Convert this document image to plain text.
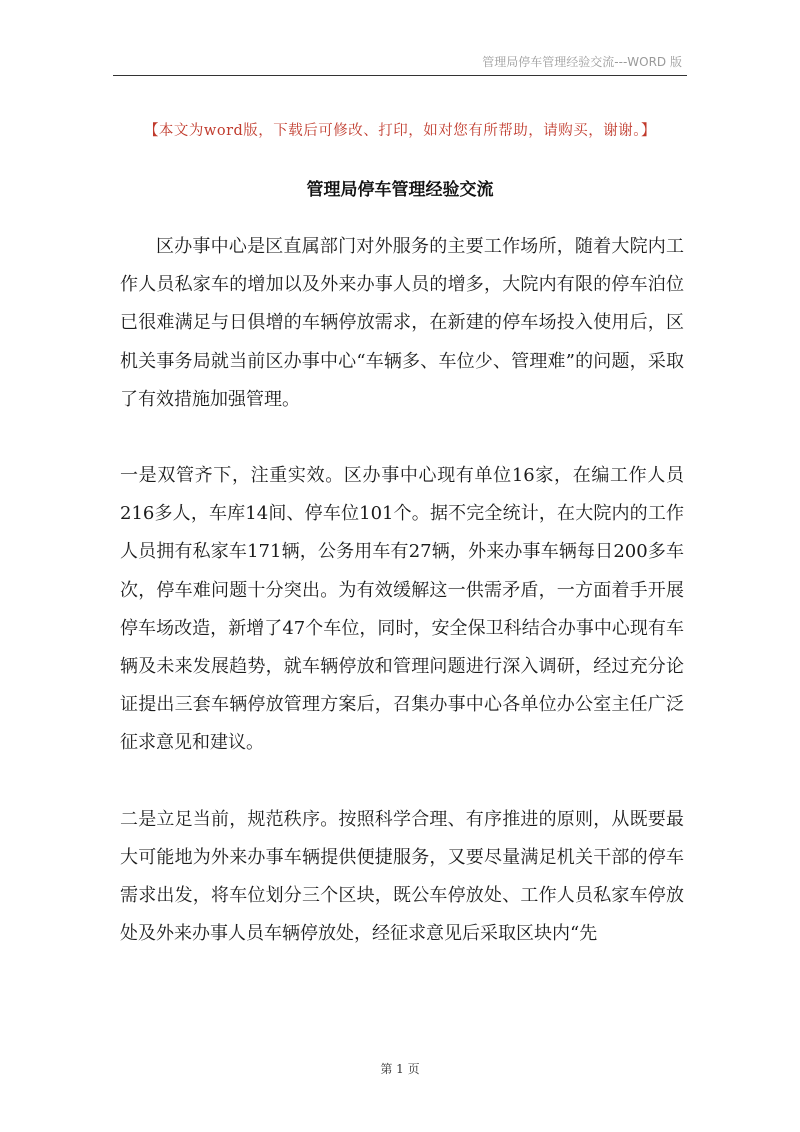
管理局停车管理经验交流---WORD 版
【本文为word版，下载后可修改、打印，如对您有所帮助，请购买，谢谢。】
管理局停车管理经验交流

区办事中心是区直属部门对外服务的主要工作场所，随着大院内工作人员私家车的增加以及外来办事人员的增多，大院内有限的停车泊位已很难满足与日俱增的车辆停放需求，在新建的停车场投入使用后，区机关事务局就当前区办事中心“车辆多、车位少、管理难”的问题，采取了有效措施加强管理。

一是双管齐下，注重实效。区办事中心现有单位16家，在编工作人员216多人，车库14间、停车位101个。据不完全统计，在大院内的工作人员拥有私家车171辆，公务用车有27辆，外来办事车辆每日200多车次，停车难问题十分突出。为有效缓解这一供需矛盾，一方面着手开展停车场改造，新增了47个车位，同时，安全保卫科结合办事中心现有车辆及未来发展趋势，就车辆停放和管理问题进行深入调研，经过充分论证提出三套车辆停放管理方案后，召集办事中心各单位办公室主任广泛征求意见和建议。

二是立足当前，规范秩序。按照科学合理、有序推进的原则，从既要最大可能地为外来办事车辆提供便捷服务，又要尽量满足机关干部的停车需求出发，将车位划分三个区块，既公车停放处、工作人员私家车停放处及外来办事人员车辆停放处，经征求意见后采取区块内“先

第 1 页
